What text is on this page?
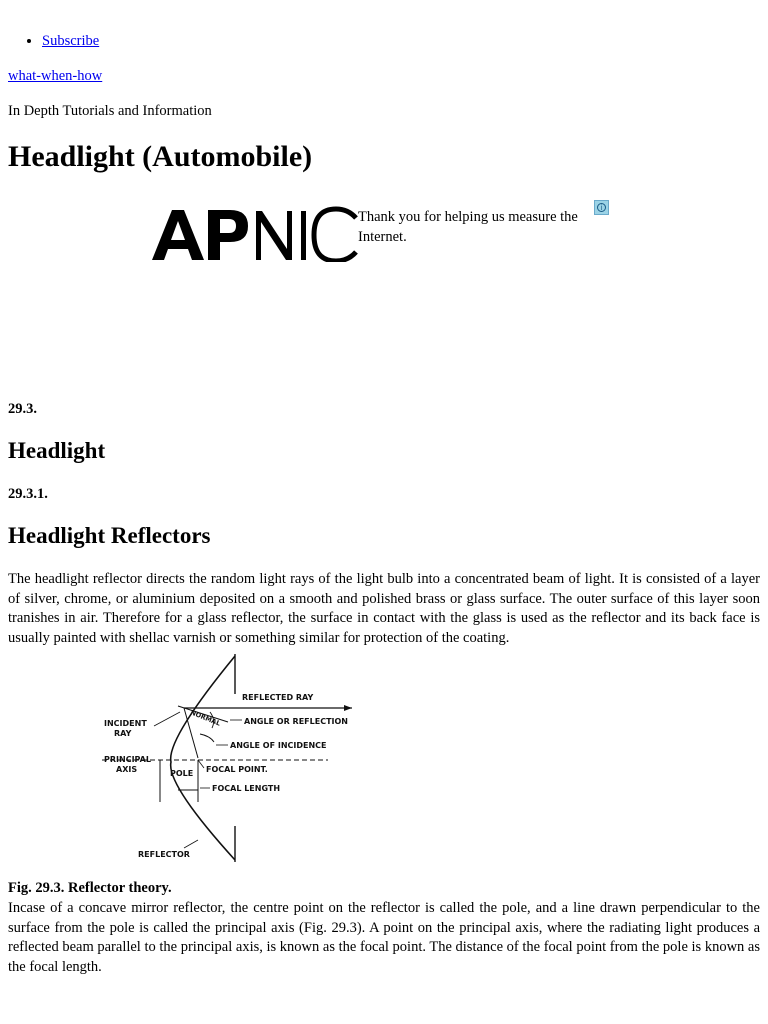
• Subscribe
what-when-how
In Depth Tutorials and Information
Headlight (Automobile)
Thank you for helping us measure the Internet.
i
29.3.
Headlight
29.3.1.
Headlight Reflectors

The headlight reflector directs the random light rays of the light bulb into a concentrated beam of light. It is consisted of a layer of silver, chrome, or aluminium deposited on a smooth and polished brass or glass surface. The outer surface of this layer soon tranishes in air. Therefore for a glass reflector, the surface in contact with the glass is used as the reflector and its back face is usually painted with shellac varnish or something similar for protection of the coating.

REFLECTED RAY
NORMAL	ANGLE OR REFLECTION
INCIDENT
RAY
ANGLE OF INCIDENCE
PRINCIPAL
AXIS	POLE FOCAL POINT.
FOCAL LENGTH
REFLECTOR
Fig. 29.3. Reflector theory.

Incase of a concave mirror reflector, the centre point on the reflector is called the pole, and a line drawn perpendicular to the surface from the pole is called the principal axis (Fig. 29.3). A point on the principal axis, where the radiating light produces a reflected beam parallel to the principal axis, is known as the focal point. The distance of the focal point from the pole is known as the focal length.
